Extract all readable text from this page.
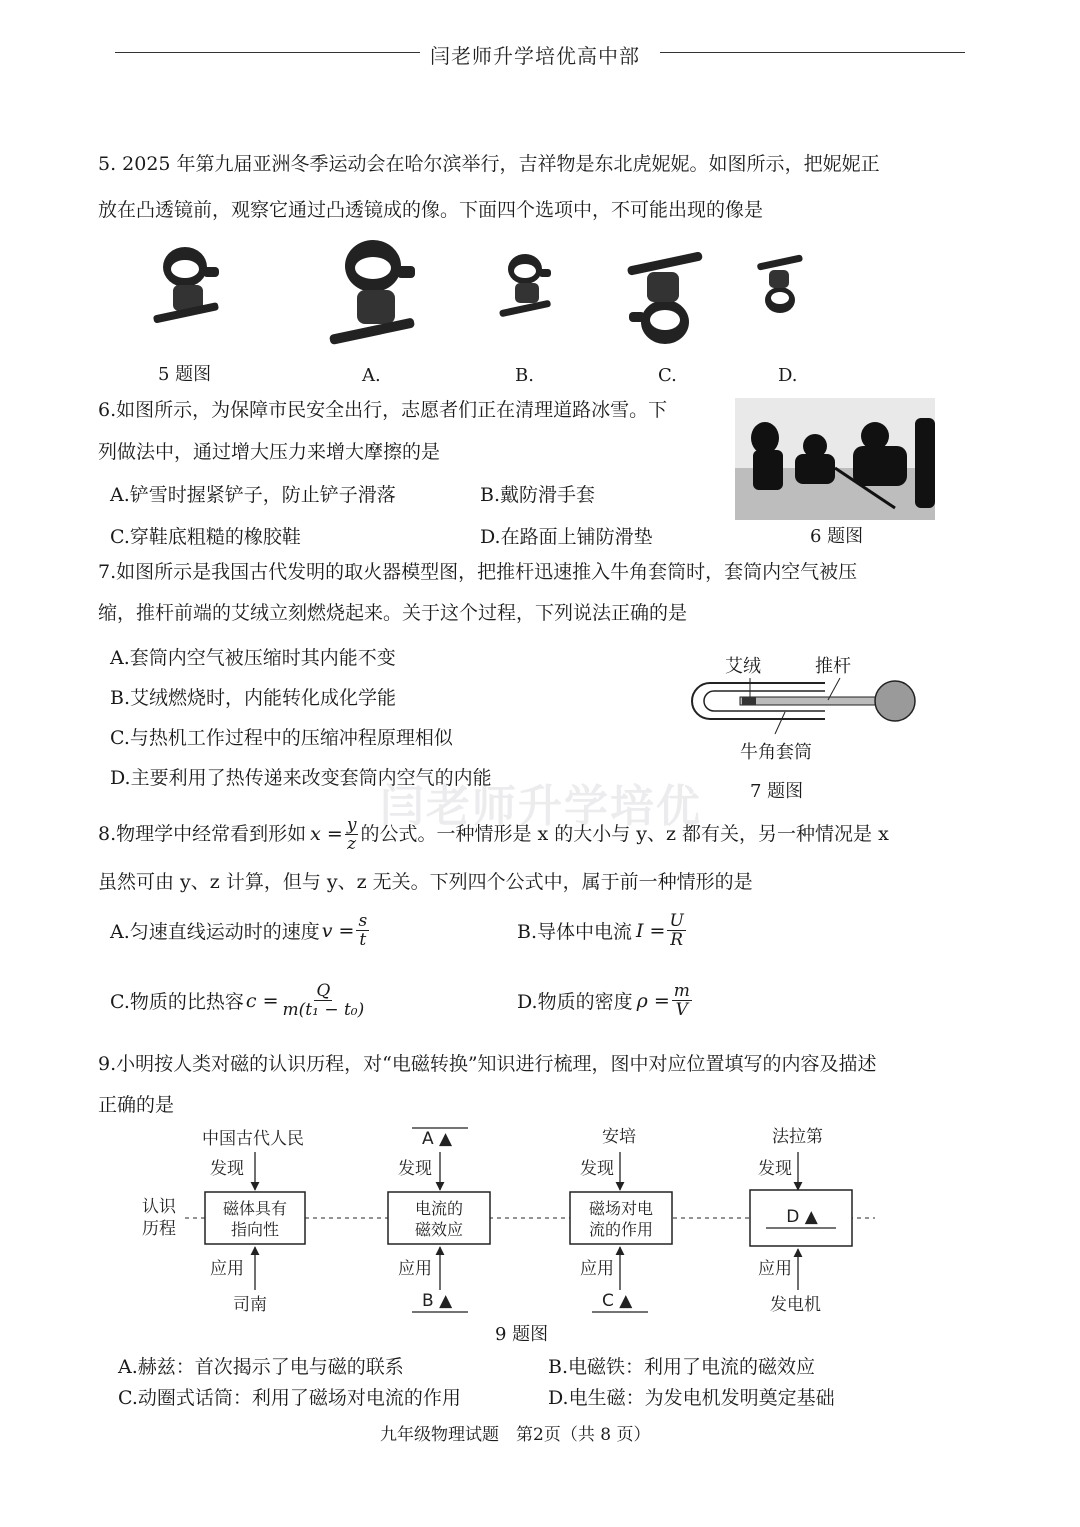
闫老师升学培优高中部
闫老师升学培优
5. 2025 年第九届亚洲冬季运动会在哈尔滨举行，吉祥物是东北虎妮妮。如图所示，把妮妮正
放在凸透镜前，观察它通过凸透镜成的像。下面四个选项中，不可能出现的像是
5 题图	A.	B.	C.	D.
6.如图所示，为保障市民安全出行，志愿者们正在清理道路冰雪。下
列做法中，通过增大压力来增大摩擦的是
A.铲雪时握紧铲子，防止铲子滑落	B.戴防滑手套
C.穿鞋底粗糙的橡胶鞋	D.在路面上铺防滑垫	6 题图
7.如图所示是我国古代发明的取火器模型图，把推杆迅速推入牛角套筒时，套筒内空气被压
缩，推杆前端的艾绒立刻燃烧起来。关于这个过程，下列说法正确的是
A.套筒内空气被压缩时其内能不变
B.艾绒燃烧时，内能转化成化学能
C.与热机工作过程中的压缩冲程原理相似
D.主要利用了热传递来改变套筒内空气的内能
艾绒	推杆
牛角套筒
7 题图
8.物理学中经常看到形如 $x = \frac{y}{z}$ 的公式。一种情形是 x 的大小与 y、z 都有关，另一种情况是 x
虽然可由 y、z 计算，但与 y、z 无关。下列四个公式中，属于前一种情形的是
A.匀速直线运动时的速度 $v = \frac{s}{t}$	B.导体中电流 $I = \frac{U}{R}$
C.物质的比热容 $c = \frac{Q}{\text{m(t₁ − t₀)}}$	D.物质的密度 $\rho = \frac{m}{V}$
9.小明按人类对磁的认识历程，对“电磁转换”知识进行梳理，图中对应位置填写的内容及描述
正确的是
认识
历程
中国古代人民
发现
磁体具有
指向性
应用
司南
A ▲
发现
电流的
磁效应
应用
B ▲
安培
发现
磁场对电
流的作用
应用
C ▲
法拉第
发现
D ▲
应用
发电机
9 题图
A.赫兹：首次揭示了电与磁的联系	B.电磁铁：利用了电流的磁效应
C.动圈式话筒：利用了磁场对电流的作用	D.电生磁：为发电机发明奠定基础
九年级物理试题　第2页（共 8 页）
